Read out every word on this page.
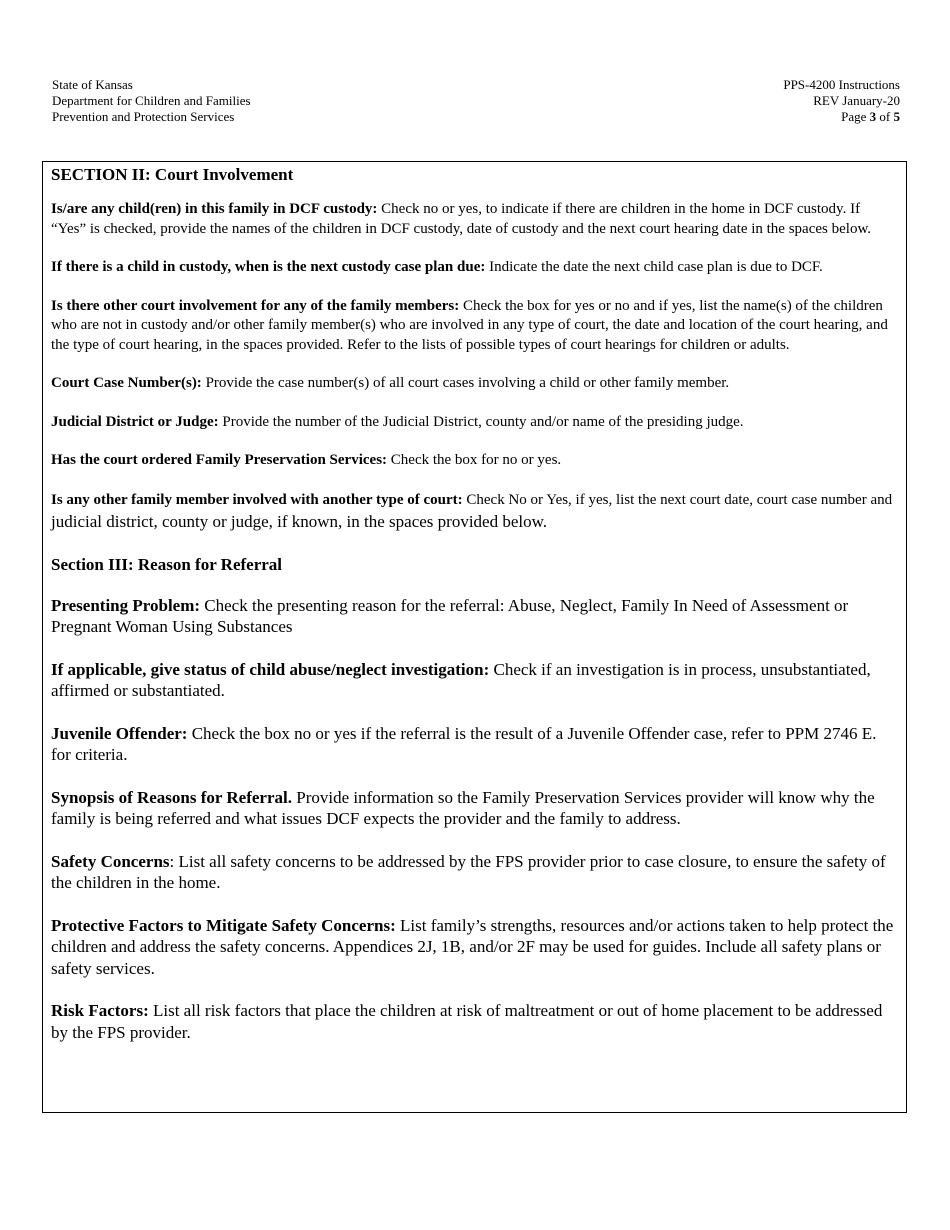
State of Kansas
Department for Children and Families
Prevention and Protection Services
PPS-4200 Instructions
REV January-20
Page 3 of 5
SECTION II: Court Involvement

Is/are any child(ren) in this family in DCF custody: Check no or yes, to indicate if there are children in the home in DCF custody. If “Yes” is checked, provide the names of the children in DCF custody, date of custody and the next court hearing date in the spaces below.

If there is a child in custody, when is the next custody case plan due: Indicate the date the next child case plan is due to DCF.

Is there other court involvement for any of the family members: Check the box for yes or no and if yes, list the name(s) of the children who are not in custody and/or other family member(s) who are involved in any type of court, the date and location of the court hearing, and the type of court hearing, in the spaces provided. Refer to the lists of possible types of court hearings for children or adults.

Court Case Number(s): Provide the case number(s) of all court cases involving a child or other family member.

Judicial District or Judge: Provide the number of the Judicial District, county and/or name of the presiding judge.

Has the court ordered Family Preservation Services: Check the box for no or yes.

Is any other family member involved with another type of court: Check No or Yes, if yes, list the next court date, court case number and judicial district, county or judge, if known, in the spaces provided below.

Section III: Reason for Referral

Presenting Problem: Check the presenting reason for the referral: Abuse, Neglect, Family In Need of Assessment or Pregnant Woman Using Substances

If applicable, give status of child abuse/neglect investigation: Check if an investigation is in process, unsubstantiated, affirmed or substantiated.

Juvenile Offender: Check the box no or yes if the referral is the result of a Juvenile Offender case, refer to PPM 2746 E. for criteria.

Synopsis of Reasons for Referral. Provide information so the Family Preservation Services provider will know why the family is being referred and what issues DCF expects the provider and the family to address.

Safety Concerns: List all safety concerns to be addressed by the FPS provider prior to case closure, to ensure the safety of the children in the home.

Protective Factors to Mitigate Safety Concerns: List family’s strengths, resources and/or actions taken to help protect the children and address the safety concerns. Appendices 2J, 1B, and/or 2F may be used for guides. Include all safety plans or safety services.

Risk Factors: List all risk factors that place the children at risk of maltreatment or out of home placement to be addressed by the FPS provider.
